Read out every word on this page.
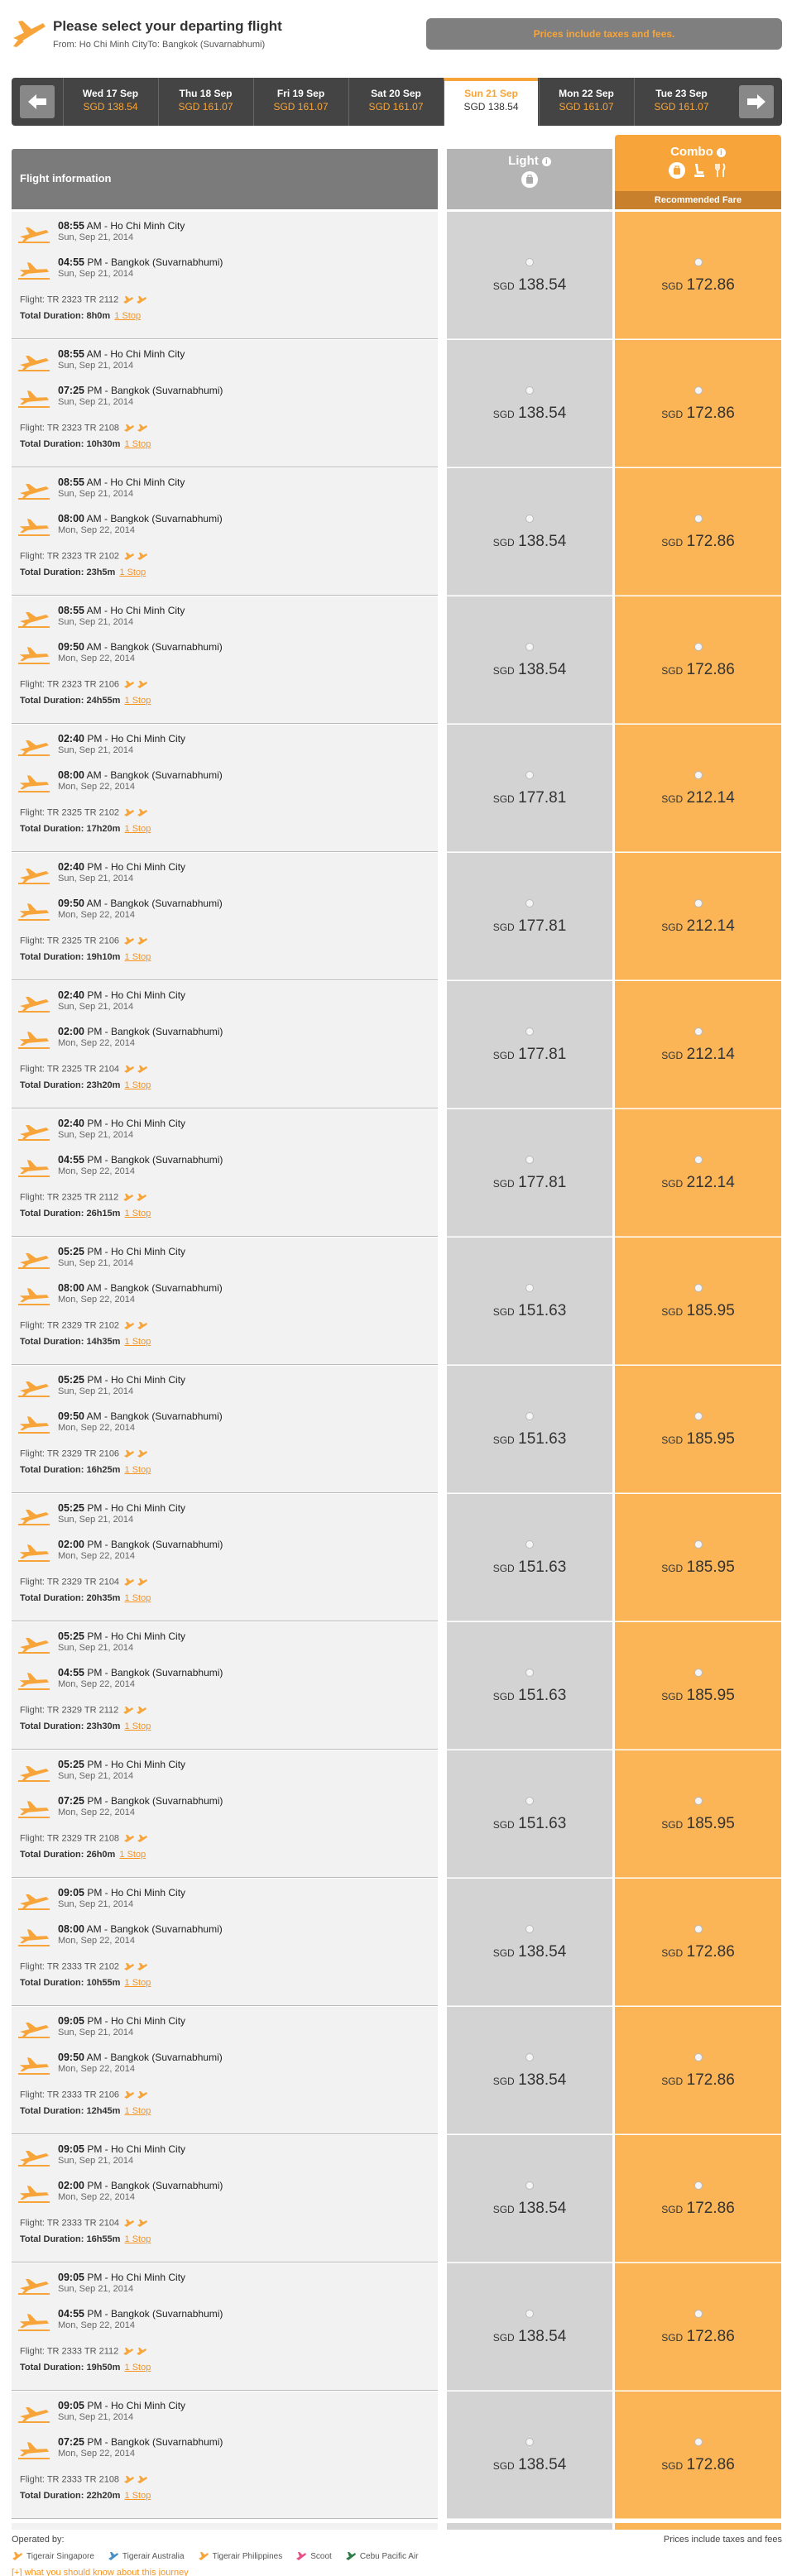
Please select your departing flight
From: Ho Chi Minh CityTo: Bangkok (Suvarnabhumi)
Prices include taxes and fees.
Wed 17 Sep
SGD 138.54
Thu 18 Sep
SGD 161.07
Fri 19 Sep
SGD 161.07
Sat 20 Sep
SGD 161.07
Sun 21 Sep
SGD 138.54
Mon 22 Sep
SGD 161.07
Tue 23 Sep
SGD 161.07
Flight information
Light i
Combo i
Recommended Fare
08:55 AM - Ho Chi Minh City
Sun, Sep 21, 2014
04:55 PM - Bangkok (Suvarnabhumi)
Sun, Sep 21, 2014
Flight: TR 2323 TR 2112
Total Duration: 8h0m 1 Stop
SGD 138.54	SGD 172.86
08:55 AM - Ho Chi Minh City
Sun, Sep 21, 2014
07:25 PM - Bangkok (Suvarnabhumi)
Sun, Sep 21, 2014
Flight: TR 2323 TR 2108
Total Duration: 10h30m 1 Stop
SGD 138.54	SGD 172.86
08:55 AM - Ho Chi Minh City
Sun, Sep 21, 2014
08:00 AM - Bangkok (Suvarnabhumi)
Mon, Sep 22, 2014
Flight: TR 2323 TR 2102
Total Duration: 23h5m 1 Stop
SGD 138.54	SGD 172.86
08:55 AM - Ho Chi Minh City
Sun, Sep 21, 2014
09:50 AM - Bangkok (Suvarnabhumi)
Mon, Sep 22, 2014
Flight: TR 2323 TR 2106
Total Duration: 24h55m 1 Stop
SGD 138.54	SGD 172.86
02:40 PM - Ho Chi Minh City
Sun, Sep 21, 2014
08:00 AM - Bangkok (Suvarnabhumi)
Mon, Sep 22, 2014
Flight: TR 2325 TR 2102
Total Duration: 17h20m 1 Stop
SGD 177.81	SGD 212.14
02:40 PM - Ho Chi Minh City
Sun, Sep 21, 2014
09:50 AM - Bangkok (Suvarnabhumi)
Mon, Sep 22, 2014
Flight: TR 2325 TR 2106
Total Duration: 19h10m 1 Stop
SGD 177.81	SGD 212.14
02:40 PM - Ho Chi Minh City
Sun, Sep 21, 2014
02:00 PM - Bangkok (Suvarnabhumi)
Mon, Sep 22, 2014
Flight: TR 2325 TR 2104
Total Duration: 23h20m 1 Stop
SGD 177.81	SGD 212.14
02:40 PM - Ho Chi Minh City
Sun, Sep 21, 2014
04:55 PM - Bangkok (Suvarnabhumi)
Mon, Sep 22, 2014
Flight: TR 2325 TR 2112
Total Duration: 26h15m 1 Stop
SGD 177.81	SGD 212.14
05:25 PM - Ho Chi Minh City
Sun, Sep 21, 2014
08:00 AM - Bangkok (Suvarnabhumi)
Mon, Sep 22, 2014
Flight: TR 2329 TR 2102
Total Duration: 14h35m 1 Stop
SGD 151.63	SGD 185.95
05:25 PM - Ho Chi Minh City
Sun, Sep 21, 2014
09:50 AM - Bangkok (Suvarnabhumi)
Mon, Sep 22, 2014
Flight: TR 2329 TR 2106
Total Duration: 16h25m 1 Stop
SGD 151.63	SGD 185.95
05:25 PM - Ho Chi Minh City
Sun, Sep 21, 2014
02:00 PM - Bangkok (Suvarnabhumi)
Mon, Sep 22, 2014
Flight: TR 2329 TR 2104
Total Duration: 20h35m 1 Stop
SGD 151.63	SGD 185.95
05:25 PM - Ho Chi Minh City
Sun, Sep 21, 2014
04:55 PM - Bangkok (Suvarnabhumi)
Mon, Sep 22, 2014
Flight: TR 2329 TR 2112
Total Duration: 23h30m 1 Stop
SGD 151.63	SGD 185.95
05:25 PM - Ho Chi Minh City
Sun, Sep 21, 2014
07:25 PM - Bangkok (Suvarnabhumi)
Mon, Sep 22, 2014
Flight: TR 2329 TR 2108
Total Duration: 26h0m 1 Stop
SGD 151.63	SGD 185.95
09:05 PM - Ho Chi Minh City
Sun, Sep 21, 2014
08:00 AM - Bangkok (Suvarnabhumi)
Mon, Sep 22, 2014
Flight: TR 2333 TR 2102
Total Duration: 10h55m 1 Stop
SGD 138.54	SGD 172.86
09:05 PM - Ho Chi Minh City
Sun, Sep 21, 2014
09:50 AM - Bangkok (Suvarnabhumi)
Mon, Sep 22, 2014
Flight: TR 2333 TR 2106
Total Duration: 12h45m 1 Stop
SGD 138.54	SGD 172.86
09:05 PM - Ho Chi Minh City
Sun, Sep 21, 2014
02:00 PM - Bangkok (Suvarnabhumi)
Mon, Sep 22, 2014
Flight: TR 2333 TR 2104
Total Duration: 16h55m 1 Stop
SGD 138.54	SGD 172.86
09:05 PM - Ho Chi Minh City
Sun, Sep 21, 2014
04:55 PM - Bangkok (Suvarnabhumi)
Mon, Sep 22, 2014
Flight: TR 2333 TR 2112
Total Duration: 19h50m 1 Stop
SGD 138.54	SGD 172.86
09:05 PM - Ho Chi Minh City
Sun, Sep 21, 2014
07:25 PM - Bangkok (Suvarnabhumi)
Mon, Sep 22, 2014
Flight: TR 2333 TR 2108
Total Duration: 22h20m 1 Stop
SGD 138.54	SGD 172.86
Operated by:	Prices include taxes and fees
Tigerair Singapore	Tigerair Australia	Tigerair Philippines	Scoot	Cebu Pacific Air
[+] what you should know about this journey
